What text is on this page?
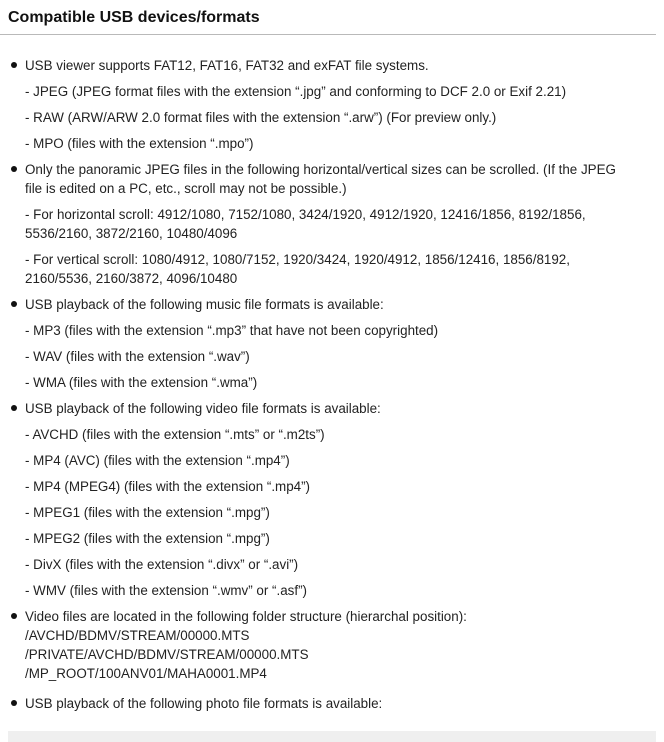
Compatible USB devices/formats
USB viewer supports FAT12, FAT16, FAT32 and exFAT file systems.
- JPEG (JPEG format files with the extension “.jpg” and conforming to DCF 2.0 or Exif 2.21)
- RAW (ARW/ARW 2.0 format files with the extension “.arw”) (For preview only.)
- MPO (files with the extension “.mpo”)
Only the panoramic JPEG files in the following horizontal/vertical sizes can be scrolled. (If the JPEG
file is edited on a PC, etc., scroll may not be possible.)
- For horizontal scroll: 4912/1080, 7152/1080, 3424/1920, 4912/1920, 12416/1856, 8192/1856,
5536/2160, 3872/2160, 10480/4096
- For vertical scroll: 1080/4912, 1080/7152, 1920/3424, 1920/4912, 1856/12416, 1856/8192,
2160/5536, 2160/3872, 4096/10480
USB playback of the following music file formats is available:
- MP3 (files with the extension “.mp3” that have not been copyrighted)
- WAV (files with the extension “.wav”)
- WMA (files with the extension “.wma”)
USB playback of the following video file formats is available:
- AVCHD (files with the extension “.mts” or “.m2ts”)
- MP4 (AVC) (files with the extension “.mp4”)
- MP4 (MPEG4) (files with the extension “.mp4”)
- MPEG1 (files with the extension “.mpg”)
- MPEG2 (files with the extension “.mpg”)
- DivX (files with the extension “.divx” or “.avi”)
- WMV (files with the extension “.wmv” or “.asf”)
Video files are located in the following folder structure (hierarchal position):
/AVCHD/BDMV/STREAM/00000.MTS
/PRIVATE/AVCHD/BDMV/STREAM/00000.MTS
/MP_ROOT/100ANV01/MAHA0001.MP4
USB playback of the following photo file formats is available:
